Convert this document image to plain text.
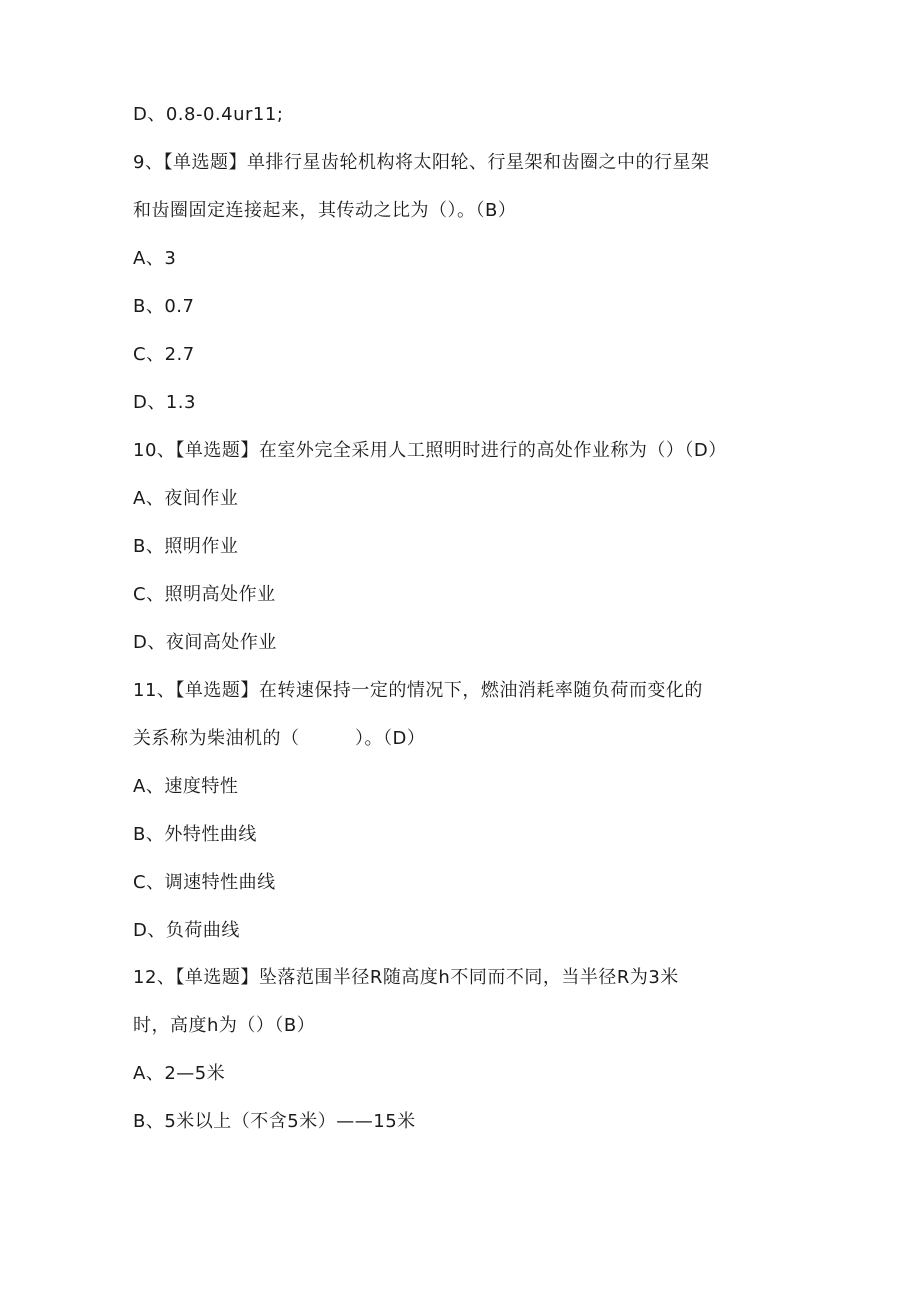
D、0.8-0.4ur11;
9、【单选题】单排行星齿轮机构将太阳轮、行星架和齿圈之中的行星架
和齿圈固定连接起来，其传动之比为（）。（B）
A、3
B、0.7
C、2.7
D、1.3
10、【单选题】在室外完全采用人工照明时进行的高处作业称为（）（D）
A、夜间作业
B、照明作业
C、照明高处作业
D、夜间高处作业
11、【单选题】在转速保持一定的情况下，燃油消耗率随负荷而变化的
关系称为柴油机的（　　　）。（D）
A、速度特性
B、外特性曲线
C、调速特性曲线
D、负荷曲线
12、【单选题】坠落范围半径R随高度h不同而不同，当半径R为3米
时，高度h为（）（B）
A、2—5米
B、5米以上（不含5米）——15米
